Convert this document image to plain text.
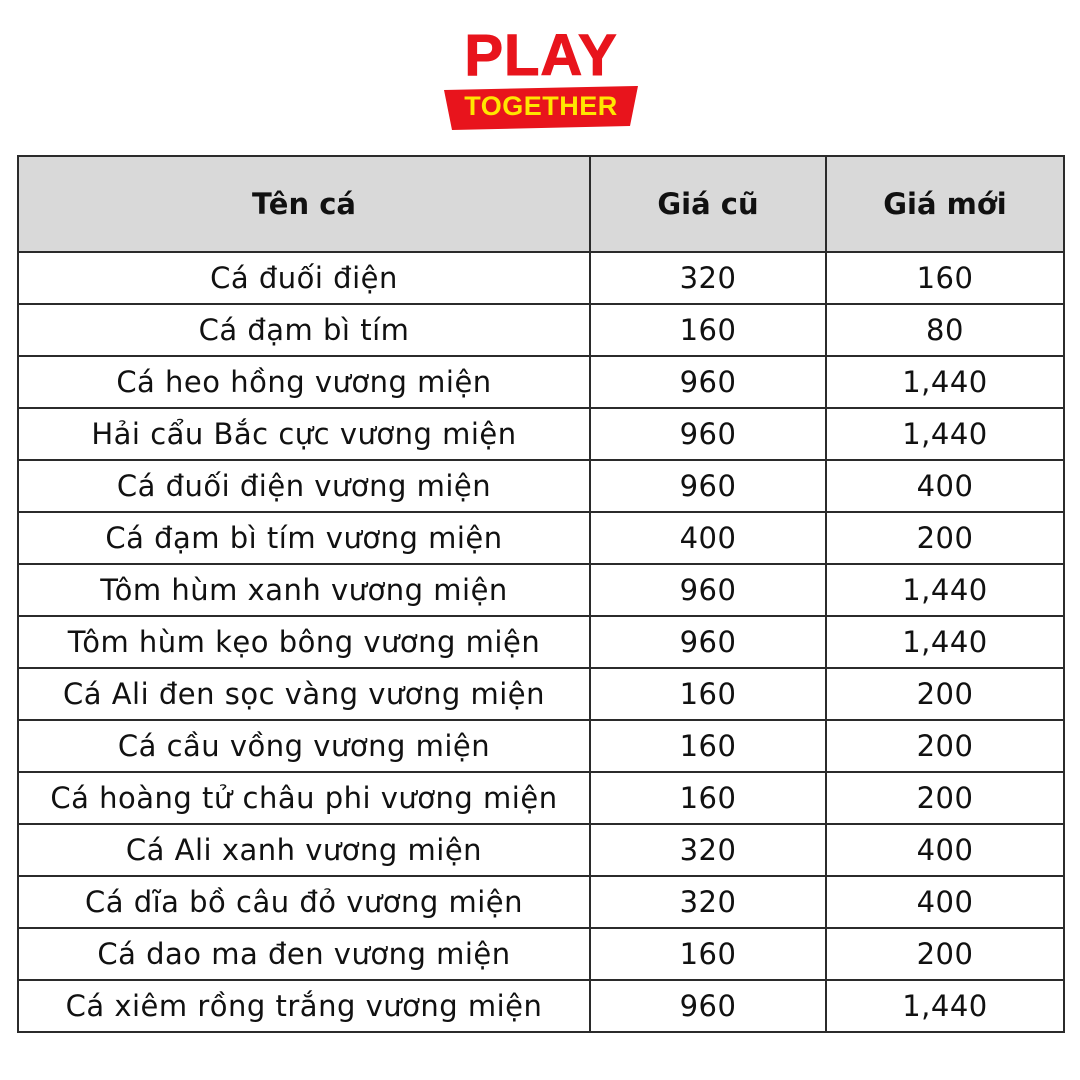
PLAY
TOGETHER
Tên cá	Giá cũ	Giá mới
Cá đuối điện	320	160
Cá đạm bì tím	160	80
Cá heo hồng vương miện	960	1,440
Hải cẩu Bắc cực vương miện	960	1,440
Cá đuối điện vương miện	960	400
Cá đạm bì tím vương miện	400	200
Tôm hùm xanh vương miện	960	1,440
Tôm hùm kẹo bông vương miện	960	1,440
Cá Ali đen sọc vàng vương miện	160	200
Cá cầu vồng vương miện	160	200
Cá hoàng tử châu phi vương miện	160	200
Cá Ali xanh vương miện	320	400
Cá dĩa bồ câu đỏ vương miện	320	400
Cá dao ma đen vương miện	160	200
Cá xiêm rồng trắng vương miện	960	1,440
